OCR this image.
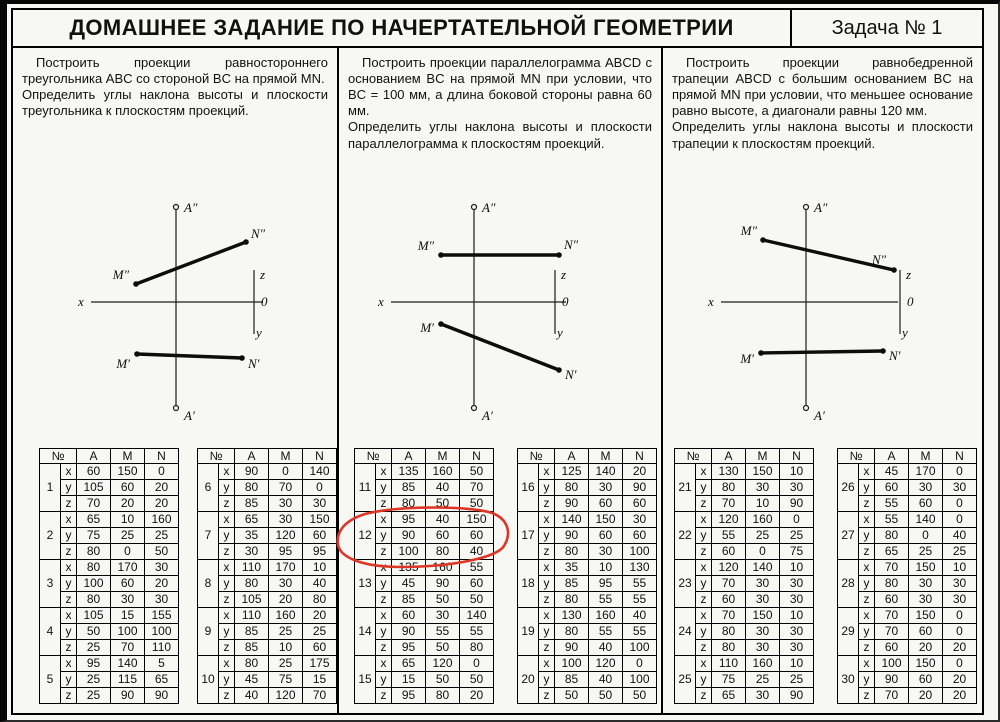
ДОМАШНЕЕ ЗАДАНИЕ ПО НАЧЕРТАТЕЛЬНОЙ ГЕОМЕТРИИ	Задача № 1

Построить проекции равностороннего треугольника ABC со стороной BC на прямой MN.

Определить углы наклона высоты и плоскости треугольника к плоскостям проекций.

A″
M″
N″
x
z
0
y
M′	N′
A′
№		A	M	N
1	x	60	150	0
	y	105	60	20
	z	70	20	20
2	x	65	10	160
	y	75	25	25
	z	80	0	50
3	x	80	170	30
	y	100	60	20
	z	80	30	30
4	x	105	15	155
	y	50	100	100
	z	25	70	110
5	x	95	140	5
	y	25	115	65
	z	25	90	90
№		A	M	N
6	x	90	0	140
	y	80	70	0
	z	85	30	30
7	x	65	30	150
	y	35	120	60
	z	30	95	95
8	x	110	170	10
	y	80	30	40
	z	105	20	80
9	x	110	160	20
	y	85	25	25
	z	85	10	60
10	x	80	25	175
	y	45	75	15
	z	40	120	70

Построить проекции параллелограмма ABCD с основанием BC на прямой MN при условии, что BC = 100 мм, а длина боковой стороны равна 60 мм.

Определить углы наклона высоты и плоскости параллелограмма к плоскостям проекций.

A″
M″	N″
x
z
0
y
M′
N′
A′
№		A	M	N
11	x	135	160	50
	y	85	40	70
	z	80	50	50
12	x	95	40	150
	y	90	60	60
	z	100	80	40
13	x	135	160	55
	y	45	90	60
	z	85	50	50
14	x	60	30	140
	y	90	55	55
	z	95	50	80
15	x	65	120	0
	y	15	50	50
	z	95	80	20
№		A	M	N
16	x	125	140	20
	y	80	30	90
	z	90	60	60
17	x	140	150	30
	y	90	60	60
	z	80	30	100
18	x	35	10	130
	y	85	95	55
	z	80	55	55
19	x	130	160	40
	y	80	55	55
	z	90	40	100
20	x	100	120	0
	y	85	40	100
	z	50	50	50

Построить проекции равнобедренной трапеции ABCD с большим основанием BC на прямой MN при условии, что меньшее основание равно высоте, а диагонали равны 120 мм.

Определить углы наклона высоты и плоскости трапеции к плоскостям проекций.

A″
M″
N″
x
z
0
y
M′	N′
A′
№		A	M	N
21	x	130	150	10
	y	80	30	30
	z	70	10	90
22	x	120	160	0
	y	55	25	25
	z	60	0	75
23	x	120	140	10
	y	70	30	30
	z	60	30	30
24	x	70	150	10
	y	80	30	30
	z	80	30	30
25	x	110	160	10
	y	75	25	25
	z	65	30	90
№		A	M	N
26	x	45	170	0
	y	60	30	30
	z	55	60	0
27	x	55	140	0
	y	80	0	40
	z	65	25	25
28	x	70	150	10
	y	80	30	30
	z	60	30	30
29	x	70	150	0
	y	70	60	0
	z	60	20	20
30	x	100	150	0
	y	90	60	20
	z	70	20	20
